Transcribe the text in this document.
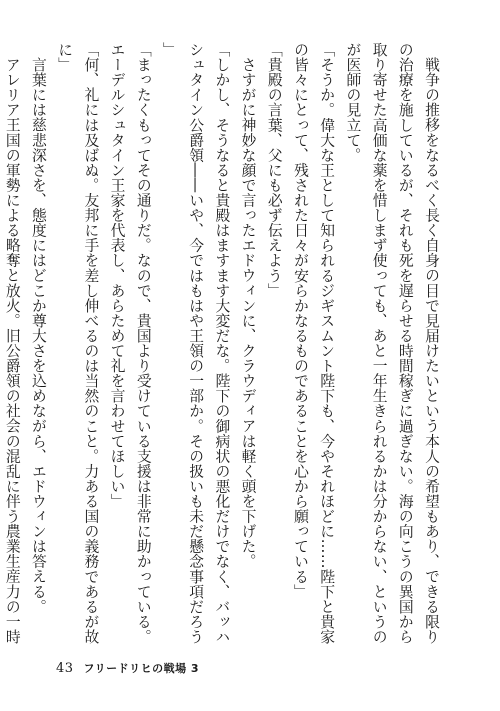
戦争の推移をなるべく長く自身の目で見届けたいという本人の希望もあり、できる限りの治療を施しているが、それも死を遅らせる時間稼ぎに過ぎない。海の向こうの異国から取り寄せた高価な薬を惜しまず使っても、あと一年生きられるかは分からない、というのが医師の見立て。

「そうか。偉大な王として知られるジギスムント陛下も、今やそれほどに……陛下と貴家の皆々にとって、残された日々が安らかなるものであることを心から願っている」

「貴殿の言葉、父にも必ず伝えよう」

さすがに神妙な顔で言ったエドウィンに、クラウディアは軽く頭を下げた。

「しかし、そうなると貴殿はますます大変だな。陛下の御病状の悪化だけでなく、バッハシュタイン公爵領――いや、今ではもはや王領の一部か。その扱いも未だ懸念事項だろう」

「まったくもってその通りだ。なので、貴国より受けている支援は非常に助かっている。エーデルシュタイン王家を代表し、あらためて礼を言わせてほしい」

「何、礼には及ばぬ。友邦に手を差し伸べるのは当然のこと。力ある国の義務であるが故に」

言葉には慈悲深さを、態度にはどこか尊大さを込めながら、エドウィンは答える。

アレリア王国の軍勢による略奪と放火。旧公爵領の社会の混乱に伴う農業生産力の一時

43 フリードリヒの戦場 3
